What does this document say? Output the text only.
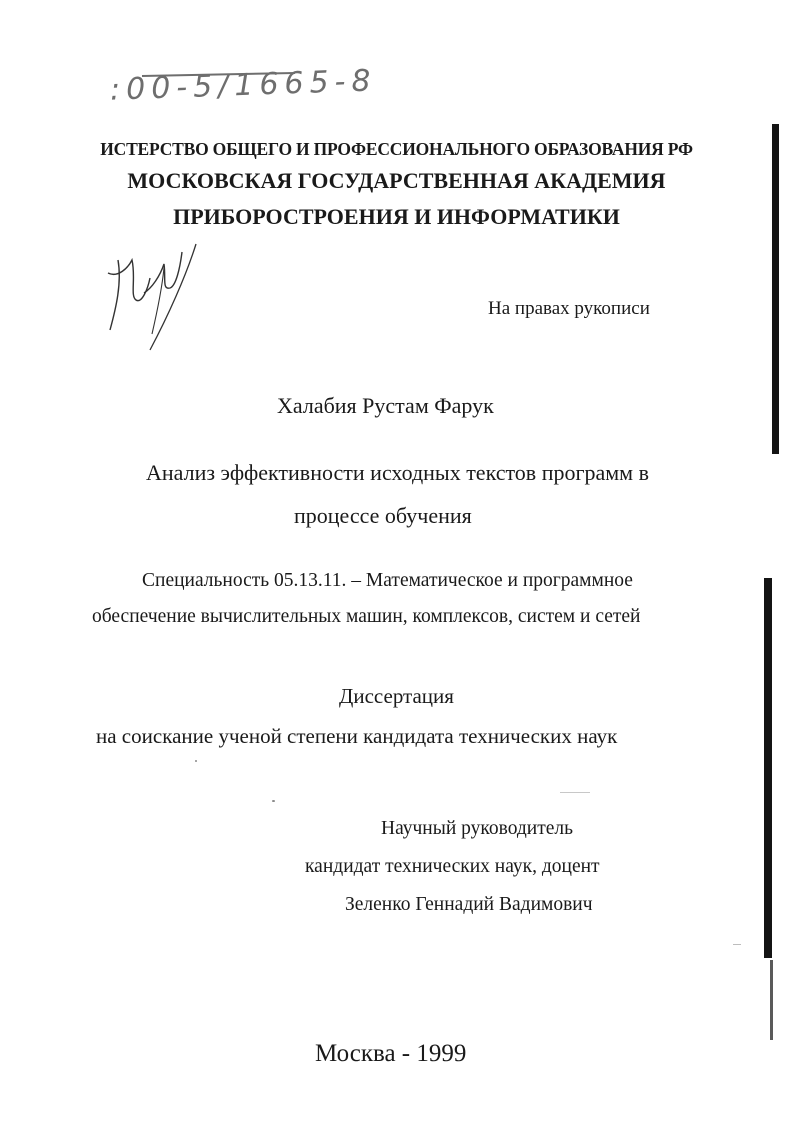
:00-5/1665-8
ИСТЕРСТВО ОБЩЕГО И ПРОФЕССИОНАЛЬНОГО ОБРАЗОВАНИЯ РФ
МОСКОВСКАЯ ГОСУДАРСТВЕННАЯ АКАДЕМИЯ
ПРИБОРОСТРОЕНИЯ И ИНФОРМАТИКИ
На правах рукописи
Халабия Рустам Фарук
Анализ эффективности исходных текстов программ в
процессе обучения
Специальность 05.13.11. – Математическое и программное
обеспечение вычислительных машин, комплексов, систем и сетей
Диссертация
на соискание ученой степени кандидата технических наук
Научный руководитель
кандидат технических наук, доцент
Зеленко Геннадий Вадимович
Москва - 1999
